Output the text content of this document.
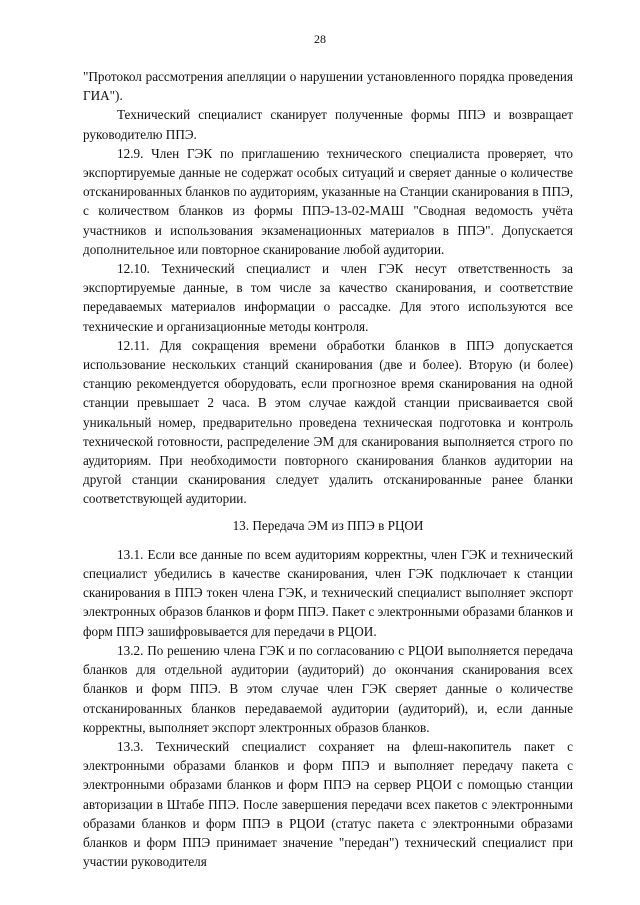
28

"Протокол рассмотрения апелляции о нарушении установленного порядка проведения ГИА").

Технический специалист сканирует полученные формы ППЭ и возвращает руководителю ППЭ.

12.9. Член ГЭК по приглашению технического специалиста проверяет, что экспортируемые данные не содержат особых ситуаций и сверяет данные о количестве отсканированных бланков по аудиториям, указанные на Станции сканирования в ППЭ, с количеством бланков из формы ППЭ-13-02-МАШ "Сводная ведомость учёта участников и использования экзаменационных материалов в ППЭ". Допускается дополнительное или повторное сканирование любой аудитории.

12.10. Технический специалист и член ГЭК несут ответственность за экспортируемые данные, в том числе за качество сканирования, и соответствие передаваемых материалов информации о рассадке. Для этого используются все технические и организационные методы контроля.

12.11. Для сокращения времени обработки бланков в ППЭ допускается использование нескольких станций сканирования (две и более). Вторую (и более) станцию рекомендуется оборудовать, если прогнозное время сканирования на одной станции превышает 2 часа. В этом случае каждой станции присваивается свой уникальный номер, предварительно проведена техническая подготовка и контроль технической готовности, распределение ЭМ для сканирования выполняется строго по аудиториям. При необходимости повторного сканирования бланков аудитории на другой станции сканирования следует удалить отсканированные ранее бланки соответствующей аудитории.

13. Передача ЭМ из ППЭ в РЦОИ

13.1. Если все данные по всем аудиториям корректны, член ГЭК и технический специалист убедились в качестве сканирования, член ГЭК подключает к станции сканирования в ППЭ токен члена ГЭК, и технический специалист выполняет экспорт электронных образов бланков и форм ППЭ. Пакет с электронными образами бланков и форм ППЭ зашифровывается для передачи в РЦОИ.

13.2. По решению члена ГЭК и по согласованию с РЦОИ выполняется передача бланков для отдельной аудитории (аудиторий) до окончания сканирования всех бланков и форм ППЭ. В этом случае член ГЭК сверяет данные о количестве отсканированных бланков передаваемой аудитории (аудиторий), и, если данные корректны, выполняет экспорт электронных образов бланков.

13.3. Технический специалист сохраняет на флеш-накопитель пакет с электронными образами бланков и форм ППЭ и выполняет передачу пакета с электронными образами бланков и форм ППЭ на сервер РЦОИ с помощью станции авторизации в Штабе ППЭ. После завершения передачи всех пакетов с электронными образами бланков и форм ППЭ в РЦОИ (статус пакета с электронными образами бланков и форм ППЭ принимает значение "передан") технический специалист при участии руководителя
